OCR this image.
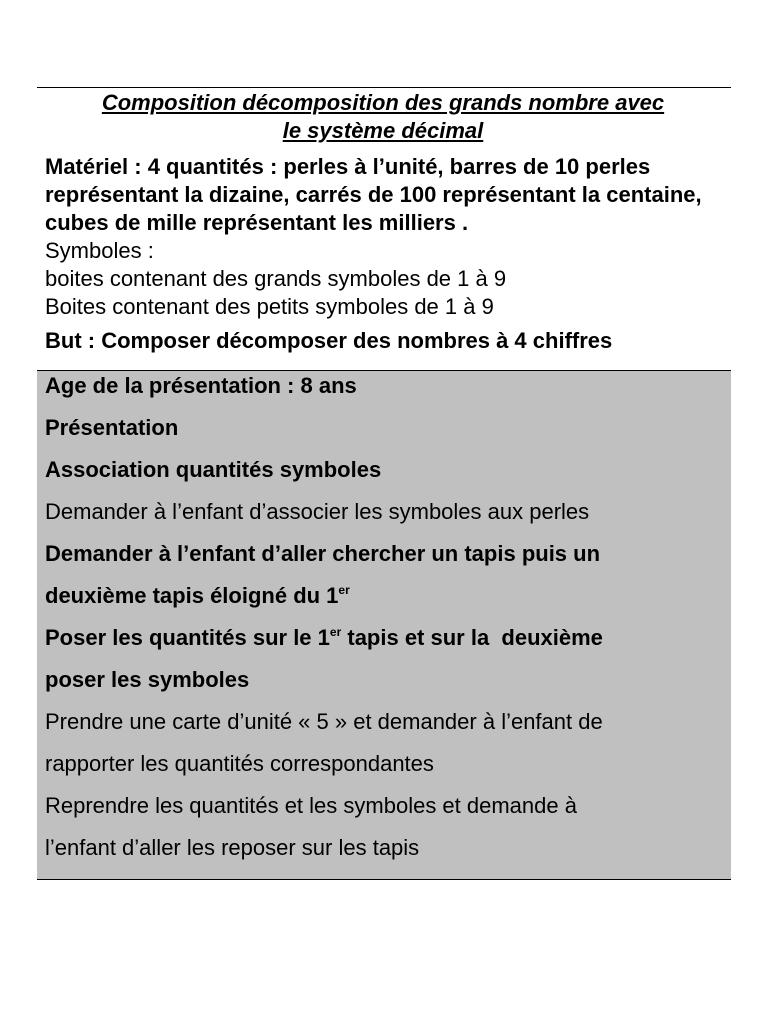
Composition décomposition des grands nombre avec
le système décimal
Matériel : 4 quantités : perles à l’unité, barres de 10 perles représentant la dizaine, carrés de 100 représentant la centaine, cubes de mille représentant les milliers .
Symboles :
boites contenant des grands symboles de 1 à 9
Boites contenant des petits symboles de 1 à 9
But : Composer décomposer des nombres à 4 chiffres
Age de la présentation : 8 ans
Présentation
Association quantités symboles
Demander à l’enfant d’associer les symboles aux perles
Demander à l’enfant d’aller chercher un tapis puis un
deuxième tapis éloigné du 1er
Poser les quantités sur le 1er tapis et sur la  deuxième
poser les symboles
Prendre une carte d’unité « 5 » et demander à l’enfant de
rapporter les quantités correspondantes
Reprendre les quantités et les symboles et demande à
l’enfant d’aller les reposer sur les tapis
